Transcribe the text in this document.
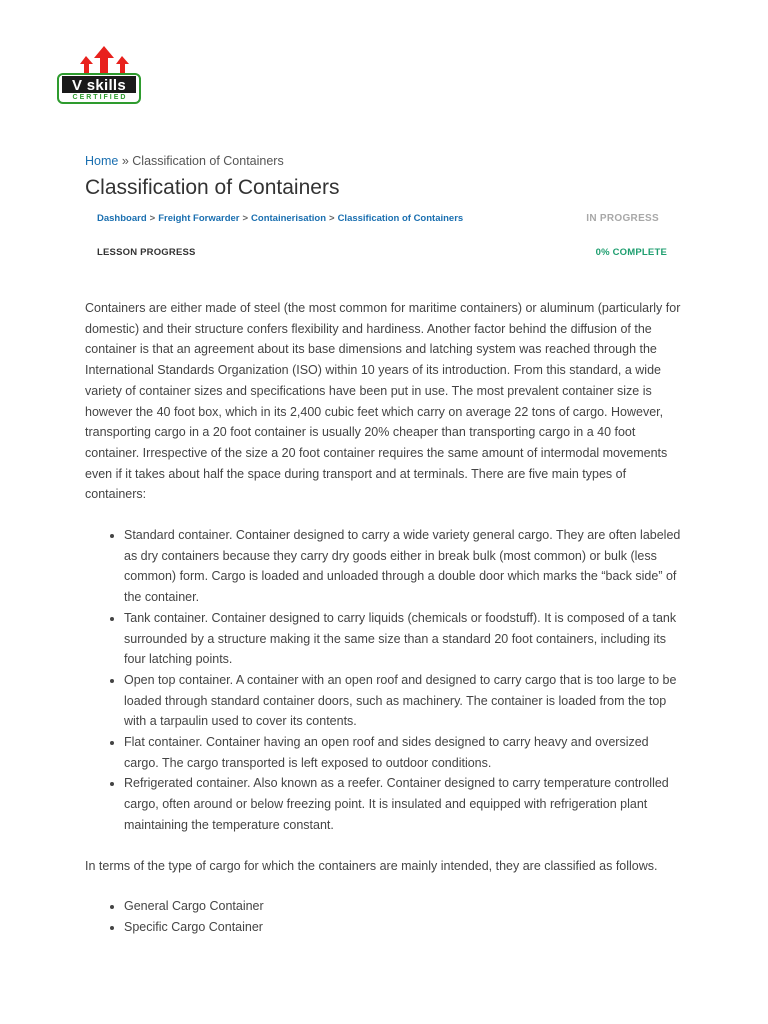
V skills
CERTIFIED
Home » Classification of Containers
Classification of Containers
Dashboard > Freight Forwarder > Containerisation > Classification of Containers	IN PROGRESS
LESSON PROGRESS	0% COMPLETE

Containers are either made of steel (the most common for maritime containers) or aluminum (particularly for domestic) and their structure confers flexibility and hardiness. Another factor behind the diffusion of the container is that an agreement about its base dimensions and latching system was reached through the International Standards Organization (ISO) within 10 years of its introduction. From this standard, a wide variety of container sizes and specifications have been put in use. The most prevalent container size is however the 40 foot box, which in its 2,400 cubic feet which carry on average 22 tons of cargo. However, transporting cargo in a 20 foot container is usually 20% cheaper than transporting cargo in a 40 foot container. Irrespective of the size a 20 foot container requires the same amount of intermodal movements even if it takes about half the space during transport and at terminals. There are five main types of containers:

• Standard container. Container designed to carry a wide variety general cargo. They are often labeled as dry containers because they carry dry goods either in break bulk (most common) or bulk (less common) form. Cargo is loaded and unloaded through a double door which marks the “back side” of the container.
• Tank container. Container designed to carry liquids (chemicals or foodstuff). It is composed of a tank surrounded by a structure making it the same size than a standard 20 foot containers, including its four latching points.
• Open top container. A container with an open roof and designed to carry cargo that is too large to be loaded through standard container doors, such as machinery. The container is loaded from the top with a tarpaulin used to cover its contents.
• Flat container. Container having an open roof and sides designed to carry heavy and oversized cargo. The cargo transported is left exposed to outdoor conditions.
• Refrigerated container. Also known as a reefer. Container designed to carry temperature controlled cargo, often around or below freezing point. It is insulated and equipped with refrigeration plant maintaining the temperature constant.

In terms of the type of cargo for which the containers are mainly intended, they are classified as follows.

• General Cargo Container
• Specific Cargo Container
